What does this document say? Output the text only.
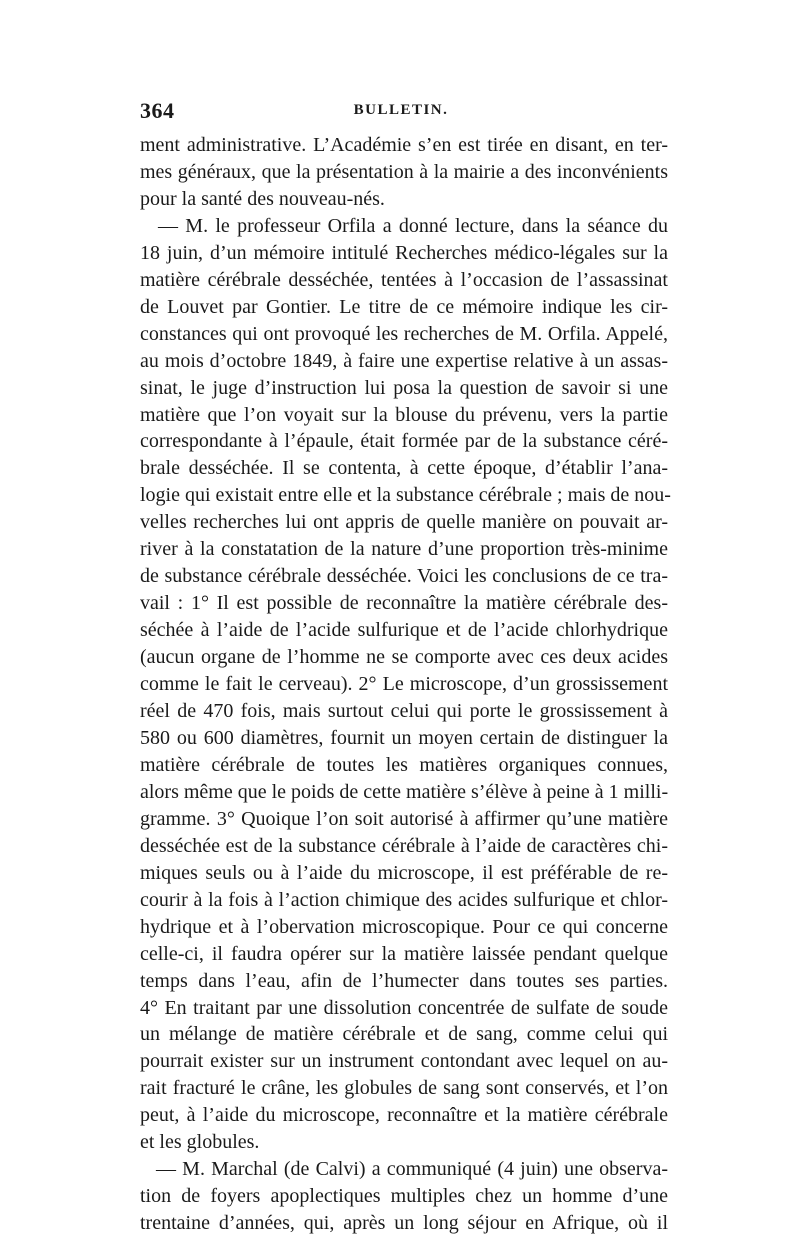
364	BULLETIN.
ment administrative. L’Académie s’en est tirée en disant, en ter-
mes généraux, que la présentation à la mairie a des inconvénients
pour la santé des nouveau-nés.
— M. le professeur Orfila a donné lecture, dans la séance du
18 juin, d’un mémoire intitulé Recherches médico-légales sur la
matière cérébrale desséchée, tentées à l’occasion de l’assassinat
de Louvet par Gontier. Le titre de ce mémoire indique les cir-
constances qui ont provoqué les recherches de M. Orfila. Appelé,
au mois d’octobre 1849, à faire une expertise relative à un assas-
sinat, le juge d’instruction lui posa la question de savoir si une
matière que l’on voyait sur la blouse du prévenu, vers la partie
correspondante à l’épaule, était formée par de la substance céré-
brale desséchée. Il se contenta, à cette époque, d’établir l’ana-
logie qui existait entre elle et la substance cérébrale ; mais de nou-
velles recherches lui ont appris de quelle manière on pouvait ar-
river à la constatation de la nature d’une proportion très-minime
de substance cérébrale desséchée. Voici les conclusions de ce tra-
vail : 1° Il est possible de reconnaître la matière cérébrale des-
séchée à l’aide de l’acide sulfurique et de l’acide chlorhydrique
(aucun organe de l’homme ne se comporte avec ces deux acides
comme le fait le cerveau). 2° Le microscope, d’un grossissement
réel de 470 fois, mais surtout celui qui porte le grossissement à
580 ou 600 diamètres, fournit un moyen certain de distinguer la
matière cérébrale de toutes les matières organiques connues,
alors même que le poids de cette matière s’élève à peine à 1 milli-
gramme. 3° Quoique l’on soit autorisé à affirmer qu’une matière
desséchée est de la substance cérébrale à l’aide de caractères chi-
miques seuls ou à l’aide du microscope, il est préférable de re-
courir à la fois à l’action chimique des acides sulfurique et chlor-
hydrique et à l’obervation microscopique. Pour ce qui concerne
celle-ci, il faudra opérer sur la matière laissée pendant quelque
temps dans l’eau, afin de l’humecter dans toutes ses parties.
4° En traitant par une dissolution concentrée de sulfate de soude
un mélange de matière cérébrale et de sang, comme celui qui
pourrait exister sur un instrument contondant avec lequel on au-
rait fracturé le crâne, les globules de sang sont conservés, et l’on
peut, à l’aide du microscope, reconnaître et la matière cérébrale
et les globules.
— M. Marchal (de Calvi) a communiqué (4 juin) une observa-
tion de foyers apoplectiques multiples chez un homme d’une
trentaine d’années, qui, après un long séjour en Afrique, où il
